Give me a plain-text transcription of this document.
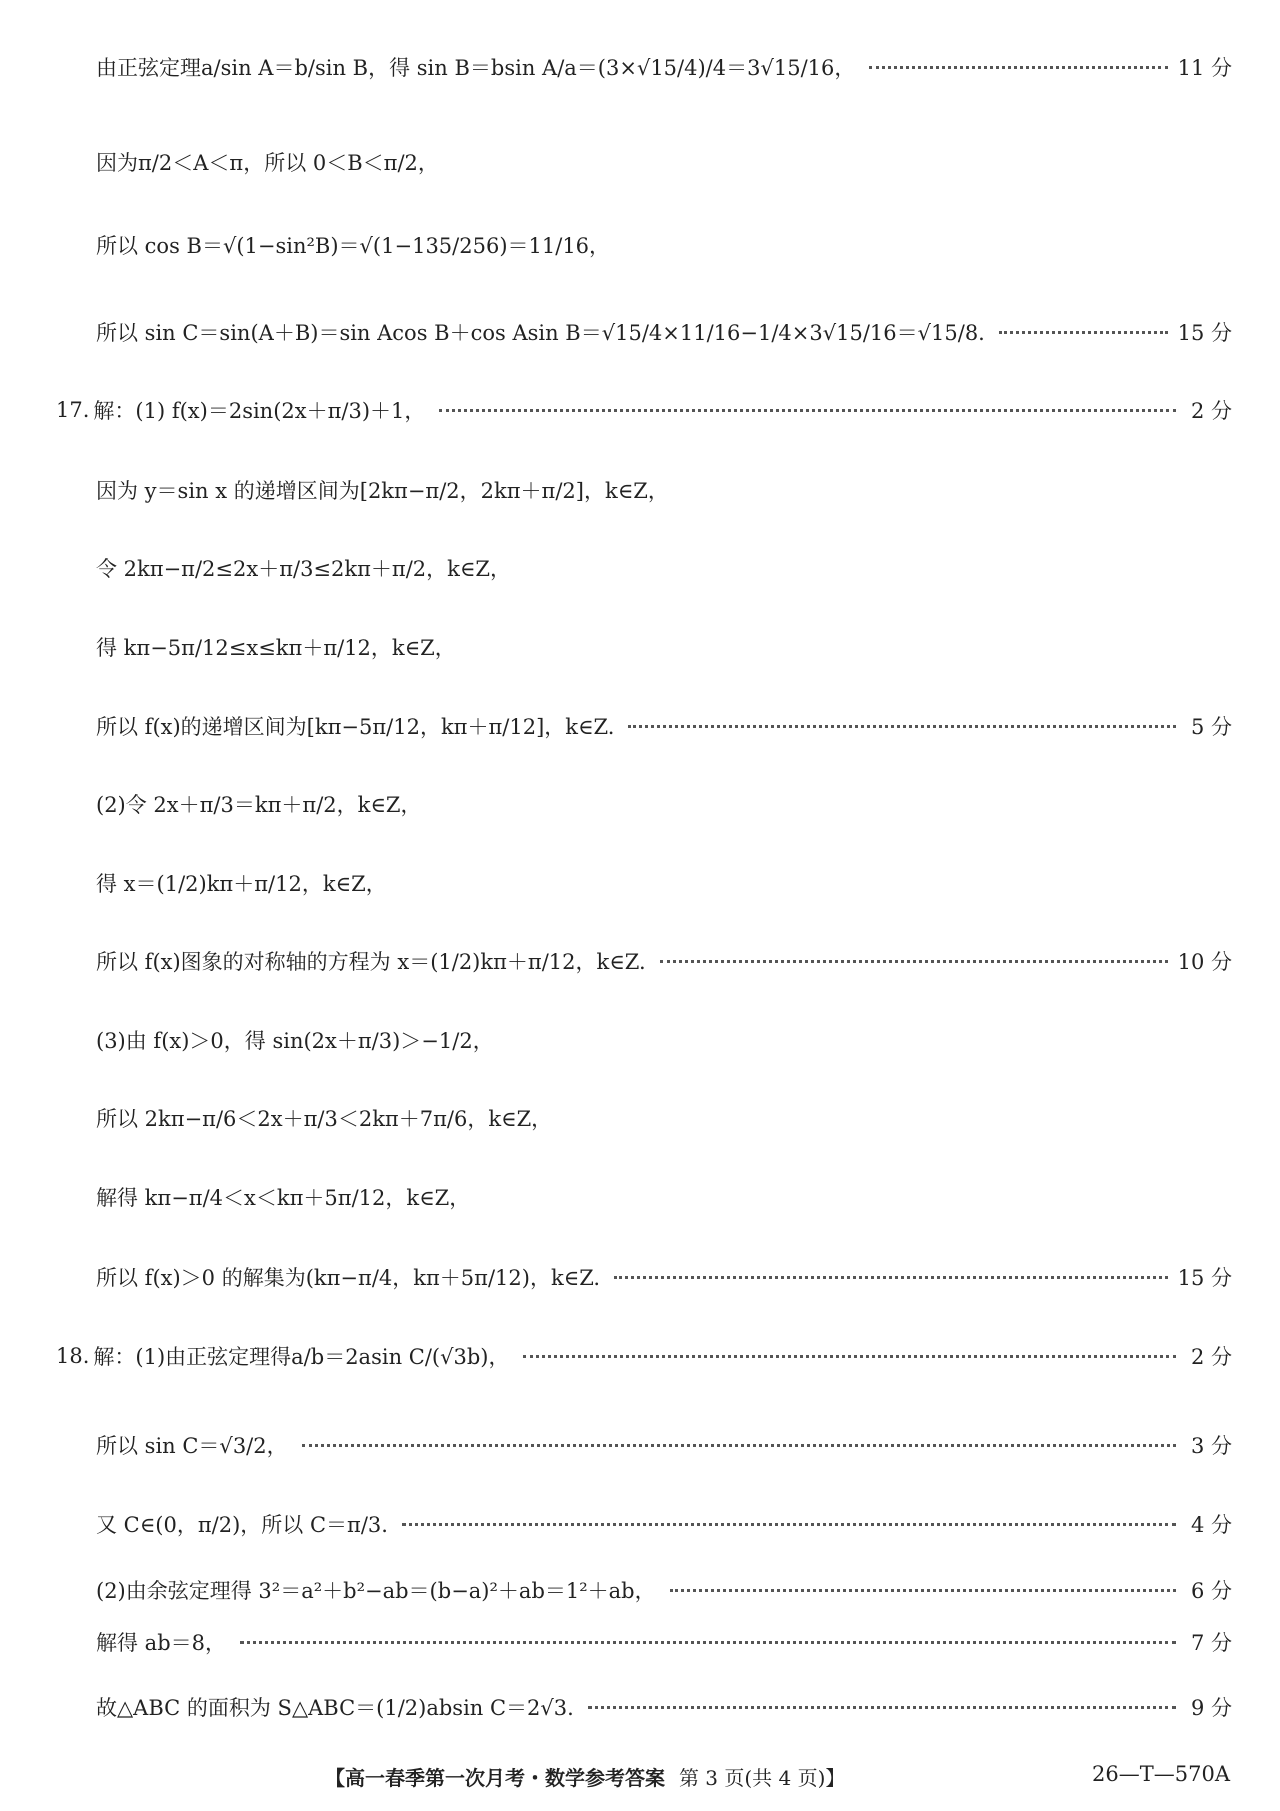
由正弦定理a/sin A＝b/sin B，得 sin B＝bsin A/a＝(3×√15/4)/4＝3√15/16，	11 分
因为π/2＜A＜π，所以 0＜B＜π/2，
所以 cos B＝√(1−sin²B)＝√(1−135/256)＝11/16，
所以 sin C＝sin(A＋B)＝sin Acos B＋cos Asin B＝√15/4×11/16−1/4×3√15/16＝√15/8.	15 分
17. 解：(1) f(x)＝2sin(2x＋π/3)＋1，	2 分
因为 y＝sin x 的递增区间为[2kπ−π/2，2kπ＋π/2]，k∈Z，
令 2kπ−π/2≤2x＋π/3≤2kπ＋π/2，k∈Z，
得 kπ−5π/12≤x≤kπ＋π/12，k∈Z，
所以 f(x)的递增区间为[kπ−5π/12，kπ＋π/12]，k∈Z.	5 分
(2)令 2x＋π/3＝kπ＋π/2，k∈Z，
得 x＝(1/2)kπ＋π/12，k∈Z，
所以 f(x)图象的对称轴的方程为 x＝(1/2)kπ＋π/12，k∈Z.	10 分
(3)由 f(x)＞0，得 sin(2x＋π/3)＞−1/2，
所以 2kπ−π/6＜2x＋π/3＜2kπ＋7π/6，k∈Z，
解得 kπ−π/4＜x＜kπ＋5π/12，k∈Z，
所以 f(x)＞0 的解集为(kπ−π/4，kπ＋5π/12)，k∈Z.	15 分
18. 解：(1)由正弦定理得a/b＝2asin C/(√3b)，	2 分
所以 sin C＝√3/2，	3 分
又 C∈(0，π/2)，所以 C＝π/3.	4 分
(2)由余弦定理得 3²＝a²＋b²−ab＝(b−a)²＋ab＝1²＋ab，	6 分
解得 ab＝8，	7 分
故△ABC 的面积为 S△ABC＝(1/2)absin C＝2√3.	9 分
【高一春季第一次月考・数学参考答案 第 3 页(共 4 页)】	26—T—570A
